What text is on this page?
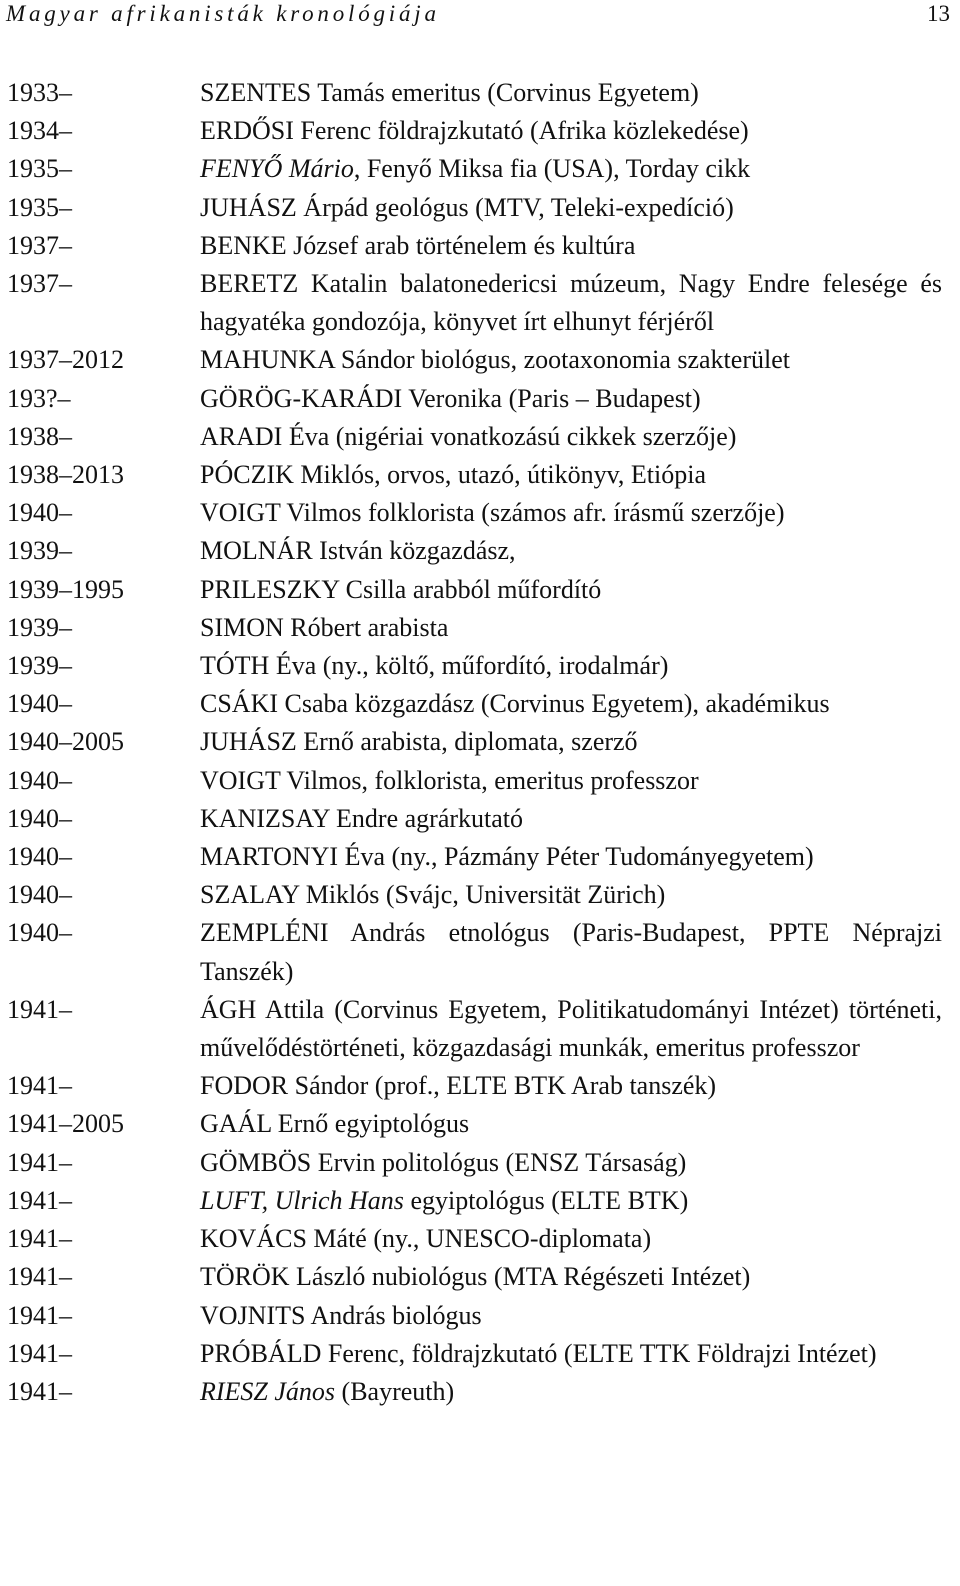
Magyar afrikanisták kronológiája	13
1933–	SZENTES Tamás emeritus (Corvinus Egyetem)
1934–	ERDŐSI Ferenc földrajzkutató (Afrika közlekedése)
1935–	FENYŐ Mário, Fenyő Miksa fia (USA), Torday cikk
1935–	JUHÁSZ Árpád geológus (MTV, Teleki-expedíció)
1937–	BENKE József arab történelem és kultúra
1937–	BERETZ Katalin balatonedericsi múzeum, Nagy Endre felesége és hagyatéka gondozója, könyvet írt elhunyt férjéről
1937–2012	MAHUNKA Sándor biológus, zootaxonomia szakterület
193?–	GÖRÖG-KARÁDI Veronika (Paris – Budapest)
1938–	ARADI Éva (nigériai vonatkozású cikkek szerzője)
1938–2013	PÓCZIK Miklós, orvos, utazó, útikönyv, Etiópia
1940–	VOIGT Vilmos folklorista (számos afr. írásmű szerzője)
1939–	MOLNÁR István közgazdász,
1939–1995	PRILESZKY Csilla arabból műfordító
1939–	SIMON Róbert arabista
1939–	TÓTH Éva (ny., költő, műfordító, irodalmár)
1940–	CSÁKI Csaba közgazdász (Corvinus Egyetem), akadémikus
1940–2005	JUHÁSZ Ernő arabista, diplomata, szerző
1940–	VOIGT Vilmos, folklorista, emeritus professzor
1940–	KANIZSAY Endre agrárkutató
1940–	MARTONYI Éva (ny., Pázmány Péter Tudományegyetem)
1940–	SZALAY Miklós (Svájc, Universität Zürich)
1940–	ZEMPLÉNI András etnológus (Paris-Budapest, PPTE Néprajzi Tanszék)
1941–	ÁGH Attila (Corvinus Egyetem, Politikatudományi Intézet) történeti, művelődéstörténeti, közgazdasági munkák, emeritus professzor
1941–	FODOR Sándor (prof., ELTE BTK Arab tanszék)
1941–2005	GAÁL Ernő egyiptológus
1941–	GÖMBÖS Ervin politológus (ENSZ Társaság)
1941–	LUFT, Ulrich Hans egyiptológus (ELTE BTK)
1941–	KOVÁCS Máté (ny., UNESCO-diplomata)
1941–	TÖRÖK László nubiológus (MTA Régészeti Intézet)
1941–	VOJNITS András biológus
1941–	PRÓBÁLD Ferenc, földrajzkutató (ELTE TTK Földrajzi Intézet)
1941–	RIESZ János (Bayreuth)
